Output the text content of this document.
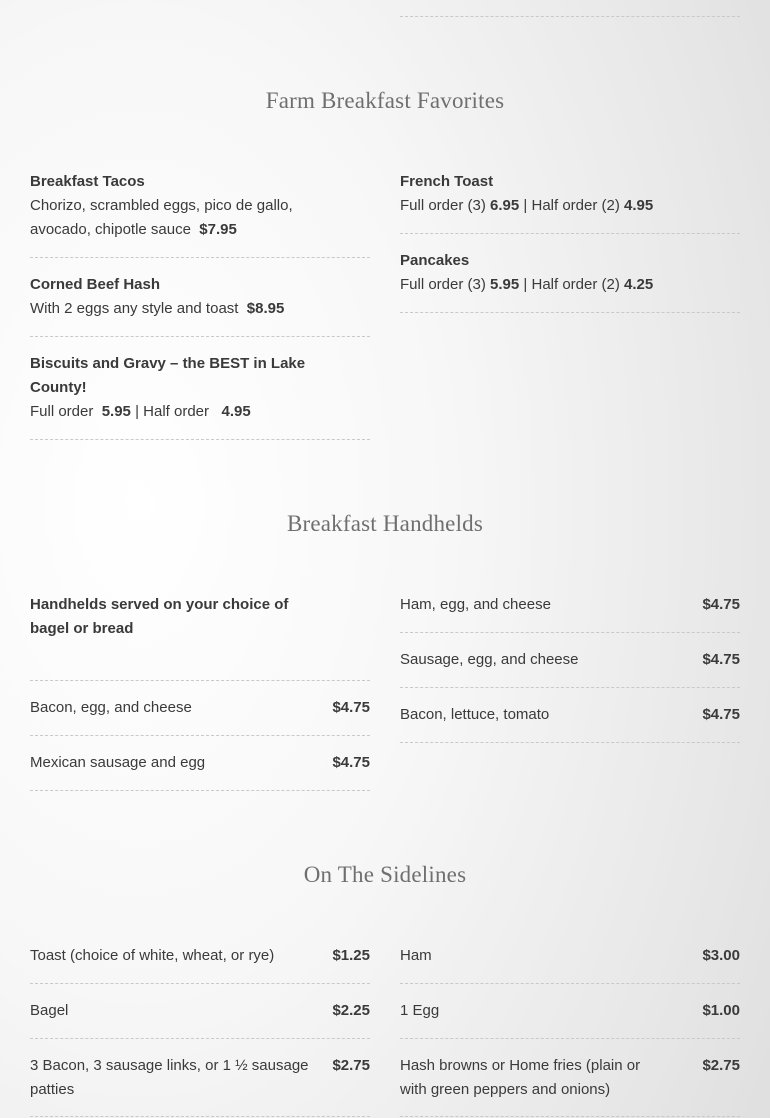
Farm Breakfast Favorites
Breakfast Tacos
Chorizo, scrambled eggs, pico de gallo, avocado, chipotle sauce $7.95
Corned Beef Hash
With 2 eggs any style and toast $8.95
Biscuits and Gravy – the BEST in Lake County!
Full order 5.95 | Half order 4.95
French Toast
Full order (3) 6.95 | Half order (2) 4.95
Pancakes
Full order (3) 5.95 | Half order (2) 4.25
Breakfast Handhelds
Handhelds served on your choice of bagel or bread
Bacon, egg, and cheese	$4.75
Mexican sausage and egg	$4.75
Ham, egg, and cheese	$4.75
Sausage, egg, and cheese	$4.75
Bacon, lettuce, tomato	$4.75
On The Sidelines
Toast (choice of white, wheat, or rye)	$1.25
Bagel	$2.25
3 Bacon, 3 sausage links, or 1 ½ sausage patties
$2.75
Ham	$3.00
1 Egg	$1.00
Hash browns or Home fries (plain or with green peppers and onions)
$2.75
